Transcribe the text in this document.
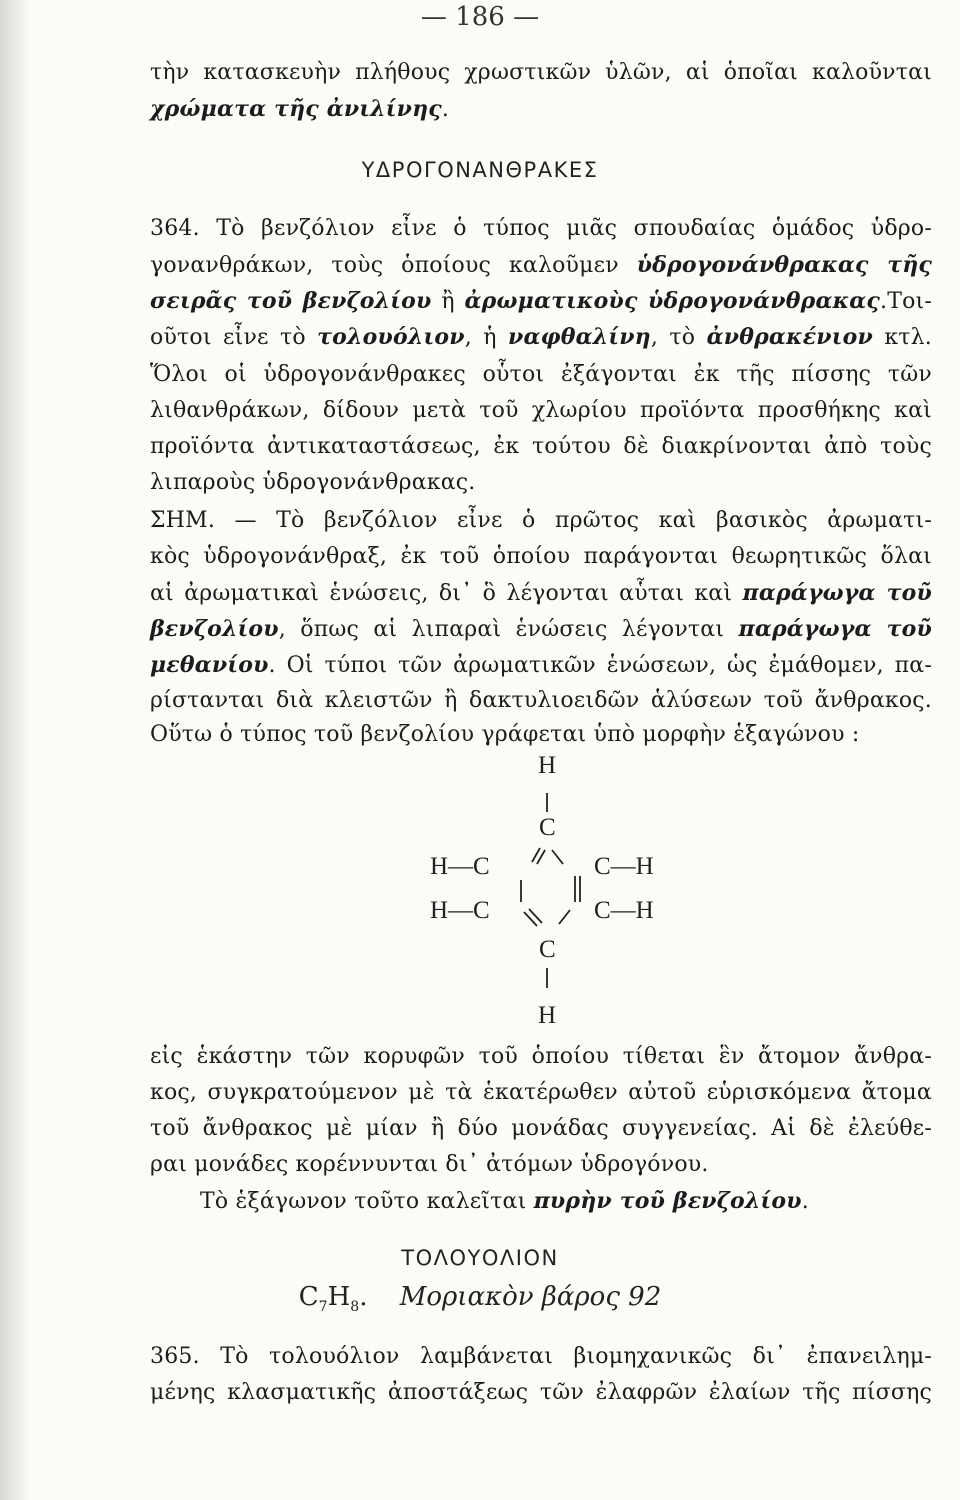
— 186 —
τὴν κατασκευὴν πλήθους χρωστικῶν ὑλῶν, αἱ ὁποῖαι καλοῦνται
χρώματα τῆς ἀνιλίνης.
ΥΔΡΟΓΟΝΑΝΘΡΑΚΕΣ
364. Τὸ βενζόλιον εἶνε ὁ τύπος μιᾶς σπουδαίας ὁμάδος ὑδρο-
γονανθράκων, τοὺς ὁποίους καλοῦμεν ὑδρογονάνθρακας τῆς
σειρᾶς τοῦ βενζολίου ἢ ἀρωματικοὺς ὑδρογονάνθρακας.Τοι-
οῦτοι εἶνε τὸ τολουόλιον, ἡ ναφθαλίνη, τὸ ἀνθρακένιον κτλ.
Ὅλοι οἱ ὑδρογονάνθρακες οὗτοι ἐξάγονται ἐκ τῆς πίσσης τῶν
λιθανθράκων, δίδουν μετὰ τοῦ χλωρίου προϊόντα προσθήκης καὶ
προϊόντα ἀντικαταστάσεως, ἐκ τούτου δὲ διακρίνονται ἀπὸ τοὺς
λιπαροὺς ὑδρογονάνθρακας.
ΣΗΜ. — Τὸ βενζόλιον εἶνε ὁ πρῶτος καὶ βασικὸς ἀρωματι-
κὸς ὑδρογονάνθραξ, ἐκ τοῦ ὁποίου παράγονται θεωρητικῶς ὅλαι
αἱ ἀρωματικαὶ ἑνώσεις, δι᾽ ὃ λέγονται αὗται καὶ παράγωγα τοῦ
βενζολίου, ὅπως αἱ λιπαραὶ ἑνώσεις λέγονται παράγωγα τοῦ
μεθανίου. Οἱ τύποι τῶν ἀρωματικῶν ἑνώσεων, ὡς ἐμάθομεν, πα-
ρίστανται διὰ κλειστῶν ἢ δακτυλιοειδῶν ἁλύσεων τοῦ ἄνθρακος.
Οὕτω ὁ τύπος τοῦ βενζολίου γράφεται ὑπὸ μορφὴν ἑξαγώνου :
H
C
H—C	C—H
H—C	C—H
C
H
εἰς ἑκάστην τῶν κορυφῶν τοῦ ὁποίου τίθεται ἓν ἄτομον ἄνθρα-
κος, συγκρατούμενον μὲ τὰ ἑκατέρωθεν αὐτοῦ εὑρισκόμενα ἄτομα
τοῦ ἄνθρακος μὲ μίαν ἢ δύο μονάδας συγγενείας. Αἱ δὲ ἐλεύθε-
ραι μονάδες κορέννυνται δι᾽ ἀτόμων ὑδρογόνου.
Τὸ ἑξάγωνον τοῦτο καλεῖται πυρὴν τοῦ βενζολίου.
ΤΟΛΟΥΟΛΙΟΝ
$C_7H_8$. Μοριακὸν βάρος 92
365. Τὸ τολουόλιον λαμβάνεται βιομηχανικῶς δι᾽ ἐπανειλημ-
μένης κλασματικῆς ἀποστάξεως τῶν ἐλαφρῶν ἐλαίων τῆς πίσσης
